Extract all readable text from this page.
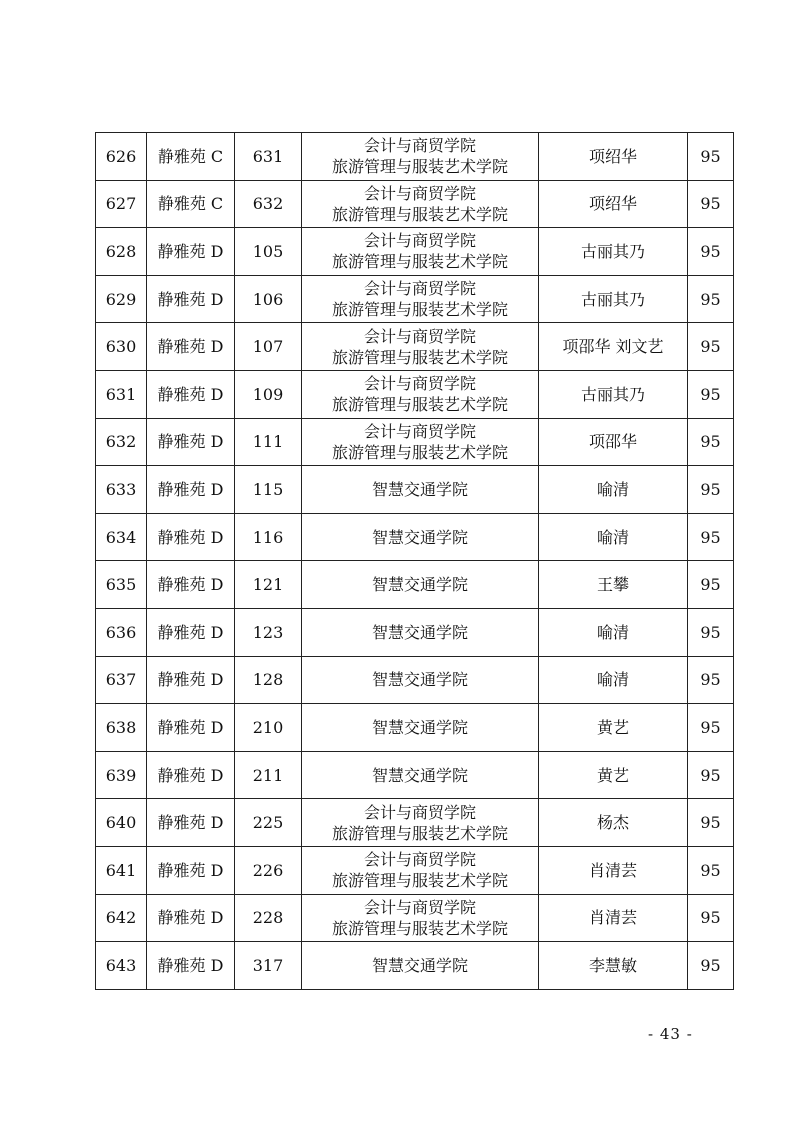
626	静雅苑 C	631	会计与商贸学院
旅游管理与服装艺术学院	项绍华	95
627	静雅苑 C	632	会计与商贸学院
旅游管理与服装艺术学院	项绍华	95
628	静雅苑 D	105	会计与商贸学院
旅游管理与服装艺术学院	古丽其乃	95
629	静雅苑 D	106	会计与商贸学院
旅游管理与服装艺术学院	古丽其乃	95
630	静雅苑 D	107	会计与商贸学院
旅游管理与服装艺术学院	项邵华 刘文艺	95
631	静雅苑 D	109	会计与商贸学院
旅游管理与服装艺术学院	古丽其乃	95
632	静雅苑 D	111	会计与商贸学院
旅游管理与服装艺术学院	项邵华	95
633	静雅苑 D	115	智慧交通学院	喻清	95
634	静雅苑 D	116	智慧交通学院	喻清	95
635	静雅苑 D	121	智慧交通学院	王攀	95
636	静雅苑 D	123	智慧交通学院	喻清	95
637	静雅苑 D	128	智慧交通学院	喻清	95
638	静雅苑 D	210	智慧交通学院	黄艺	95
639	静雅苑 D	211	智慧交通学院	黄艺	95
640	静雅苑 D	225	会计与商贸学院
旅游管理与服装艺术学院	杨杰	95
641	静雅苑 D	226	会计与商贸学院
旅游管理与服装艺术学院	肖清芸	95
642	静雅苑 D	228	会计与商贸学院
旅游管理与服装艺术学院	肖清芸	95
643	静雅苑 D	317	智慧交通学院	李慧敏	95
- 43 -
